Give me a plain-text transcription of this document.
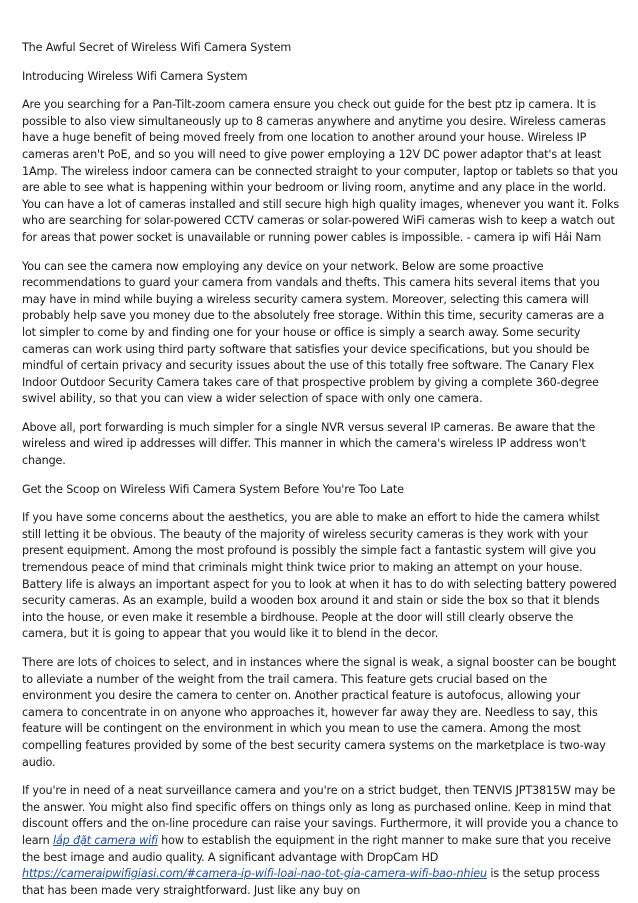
The Awful Secret of Wireless Wifi Camera System

Introducing Wireless Wifi Camera System

Are you searching for a Pan-Tilt-zoom camera ensure you check out guide for the best ptz ip camera. It is possible to also view simultaneously up to 8 cameras anywhere and anytime you desire. Wireless cameras have a huge benefit of being moved freely from one location to another around your house. Wireless IP cameras aren't PoE, and so you will need to give power employing a 12V DC power adaptor that's at least 1Amp. The wireless indoor camera can be connected straight to your computer, laptop or tablets so that you are able to see what is happening within your bedroom or living room, anytime and any place in the world. You can have a lot of cameras installed and still secure high high quality images, whenever you want it. Folks who are searching for solar-powered CCTV cameras or solar-powered WiFi cameras wish to keep a watch out for areas that power socket is unavailable or running power cables is impossible. - camera ip wifi Hải Nam

You can see the camera now employing any device on your network. Below are some proactive recommendations to guard your camera from vandals and thefts. This camera hits several items that you may have in mind while buying a wireless security camera system. Moreover, selecting this camera will probably help save you money due to the absolutely free storage. Within this time, security cameras are a lot simpler to come by and finding one for your house or office is simply a search away. Some security cameras can work using third party software that satisfies your device specifications, but you should be mindful of certain privacy and security issues about the use of this totally free software. The Canary Flex Indoor Outdoor Security Camera takes care of that prospective problem by giving a complete 360-degree swivel ability, so that you can view a wider selection of space with only one camera.

Above all, port forwarding is much simpler for a single NVR versus several IP cameras. Be aware that the wireless and wired ip addresses will differ. This manner in which the camera's wireless IP address won't change.

Get the Scoop on Wireless Wifi Camera System Before You're Too Late

If you have some concerns about the aesthetics, you are able to make an effort to hide the camera whilst still letting it be obvious. The beauty of the majority of wireless security cameras is they work with your present equipment. Among the most profound is possibly the simple fact a fantastic system will give you tremendous peace of mind that criminals might think twice prior to making an attempt on your house. Battery life is always an important aspect for you to look at when it has to do with selecting battery powered security cameras. As an example, build a wooden box around it and stain or side the box so that it blends into the house, or even make it resemble a birdhouse. People at the door will still clearly observe the camera, but it is going to appear that you would like it to blend in the decor.

There are lots of choices to select, and in instances where the signal is weak, a signal booster can be bought to alleviate a number of the weight from the trail camera. This feature gets crucial based on the environment you desire the camera to center on. Another practical feature is autofocus, allowing your camera to concentrate in on anyone who approaches it, however far away they are. Needless to say, this feature will be contingent on the environment in which you mean to use the camera. Among the most compelling features provided by some of the best security camera systems on the marketplace is two-way audio.

If you're in need of a neat surveillance camera and you're on a strict budget, then TENVIS JPT3815W may be the answer. You might also find specific offers on things only as long as purchased online. Keep in mind that discount offers and the on-line procedure can raise your savings. Furthermore, it will provide you a chance to learn lắp đặt camera wifi how to establish the equipment in the right manner to make sure that you receive the best image and audio quality. A significant advantage with DropCam HD https://cameraipwifigiasi.com/#camera-ip-wifi-loai-nao-tot-gia-camera-wifi-bao-nhieu is the setup process that has been made very straightforward. Just like any buy on
